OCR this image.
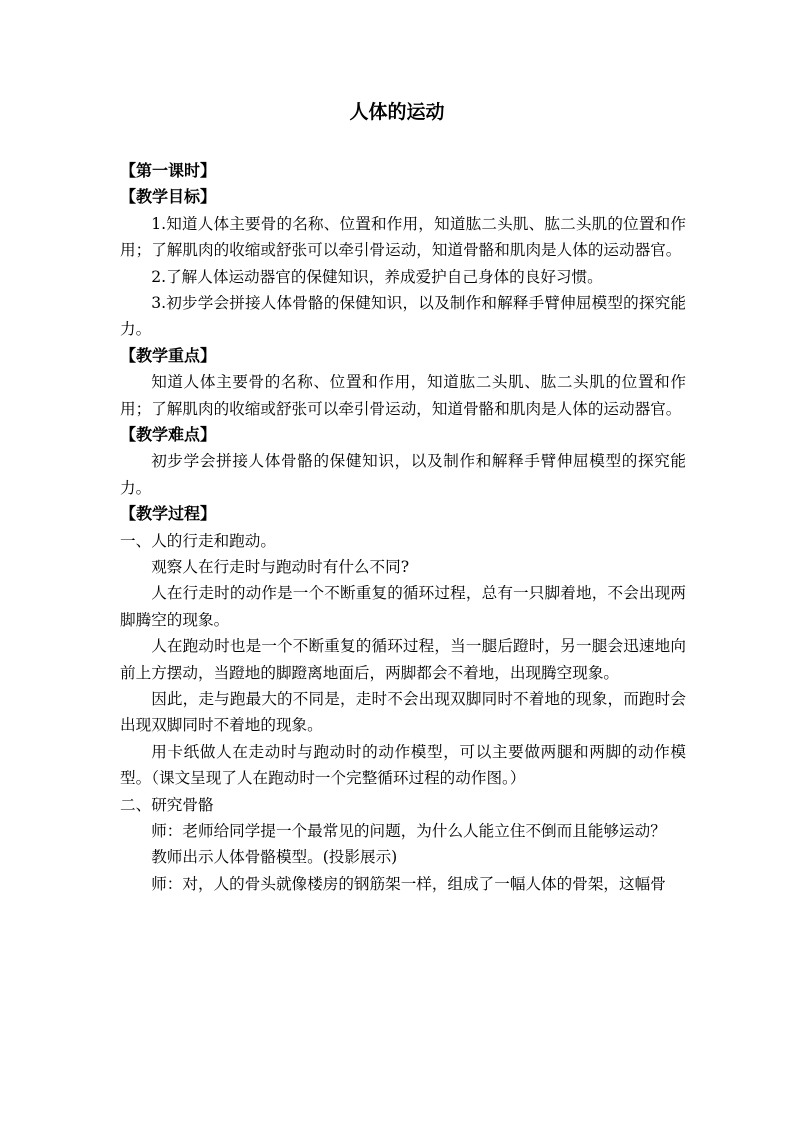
人体的运动

【第一课时】

【教学目标】

1.知道人体主要骨的名称、位置和作用，知道肱二头肌、肱二头肌的位置和作用；了解肌肉的收缩或舒张可以牵引骨运动，知道骨骼和肌肉是人体的运动器官。

2.了解人体运动器官的保健知识，养成爱护自己身体的良好习惯。

3.初步学会拼接人体骨骼的保健知识，以及制作和解释手臂伸屈模型的探究能力。

【教学重点】

知道人体主要骨的名称、位置和作用，知道肱二头肌、肱二头肌的位置和作用；了解肌肉的收缩或舒张可以牵引骨运动，知道骨骼和肌肉是人体的运动器官。

【教学难点】

初步学会拼接人体骨骼的保健知识，以及制作和解释手臂伸屈模型的探究能力。

【教学过程】

一、人的行走和跑动。

观察人在行走时与跑动时有什么不同?

人在行走时的动作是一个不断重复的循环过程，总有一只脚着地，不会出现两脚腾空的现象。

人在跑动时也是一个不断重复的循环过程，当一腿后蹬时，另一腿会迅速地向前上方摆动，当蹬地的脚蹬离地面后，两脚都会不着地，出现腾空现象。

因此，走与跑最大的不同是，走时不会出现双脚同时不着地的现象，而跑时会出现双脚同时不着地的现象。

用卡纸做人在走动时与跑动时的动作模型，可以主要做两腿和两脚的动作模型。（课文呈现了人在跑动时一个完整循环过程的动作图。）

二、研究骨骼

师：老师给同学提一个最常见的问题，为什么人能立住不倒而且能够运动？

教师出示人体骨骼模型。(投影展示)

师：对，人的骨头就像楼房的钢筋架一样，组成了一幅人体的骨架，这幅骨
